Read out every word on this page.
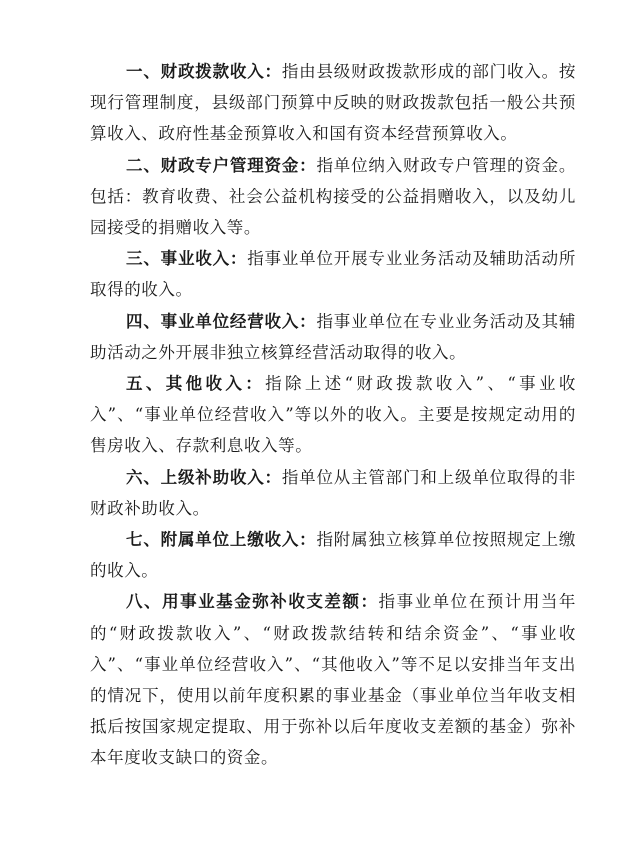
一、财政拨款收入：指由县级财政拨款形成的部门收入。按现行管理制度，县级部门预算中反映的财政拨款包括一般公共预算收入、政府性基金预算收入和国有资本经营预算收入。

二、财政专户管理资金：指单位纳入财政专户管理的资金。包括：教育收费、社会公益机构接受的公益捐赠收入，以及幼儿园接受的捐赠收入等。

三、事业收入：指事业单位开展专业业务活动及辅助活动所取得的收入。

四、事业单位经营收入：指事业单位在专业业务活动及其辅助活动之外开展非独立核算经营活动取得的收入。

五、其他收入：指除上述“财政拨款收入”、“事业收入”、“事业单位经营收入”等以外的收入。主要是按规定动用的售房收入、存款利息收入等。

六、上级补助收入：指单位从主管部门和上级单位取得的非财政补助收入。

七、附属单位上缴收入：指附属独立核算单位按照规定上缴的收入。

八、用事业基金弥补收支差额：指事业单位在预计用当年的“财政拨款收入”、“财政拨款结转和结余资金”、“事业收入”、“事业单位经营收入”、“其他收入”等不足以安排当年支出的情况下，使用以前年度积累的事业基金（事业单位当年收支相抵后按国家规定提取、用于弥补以后年度收支差额的基金）弥补本年度收支缺口的资金。
